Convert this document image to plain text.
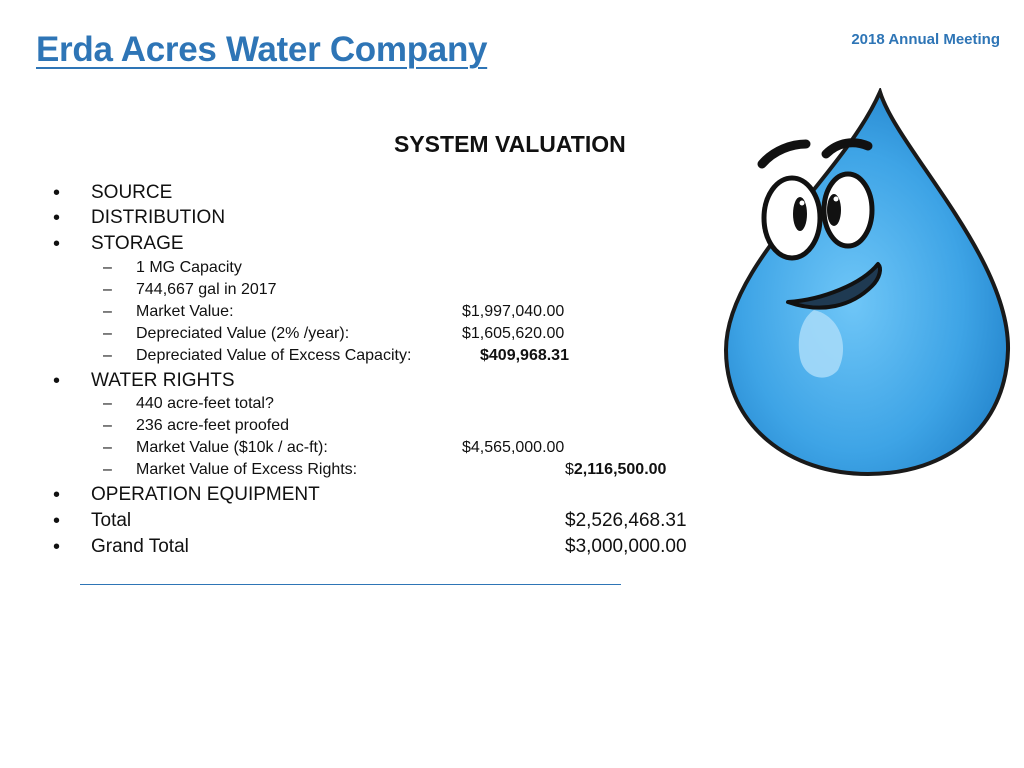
Erda Acres Water Company	2018 Annual Meeting
SYSTEM VALUATION
• SOURCE
• DISTRIBUTION
• STORAGE
– 1 MG Capacity
– 744,667 gal in 2017
– Market Value:	$1,997,040.00
– Depreciated Value (2% /year):	$1,605,620.00
– Depreciated Value of Excess Capacity:	$409,968.31
• WATER RIGHTS
– 440 acre-feet total?
– 236 acre-feet proofed
– Market Value ($10k / ac-ft):	$4,565,000.00
– Market Value of Excess Rights:	$2,116,500.00
• OPERATION EQUIPMENT
• Total	$2,526,468.31
• Grand Total	$3,000,000.00
